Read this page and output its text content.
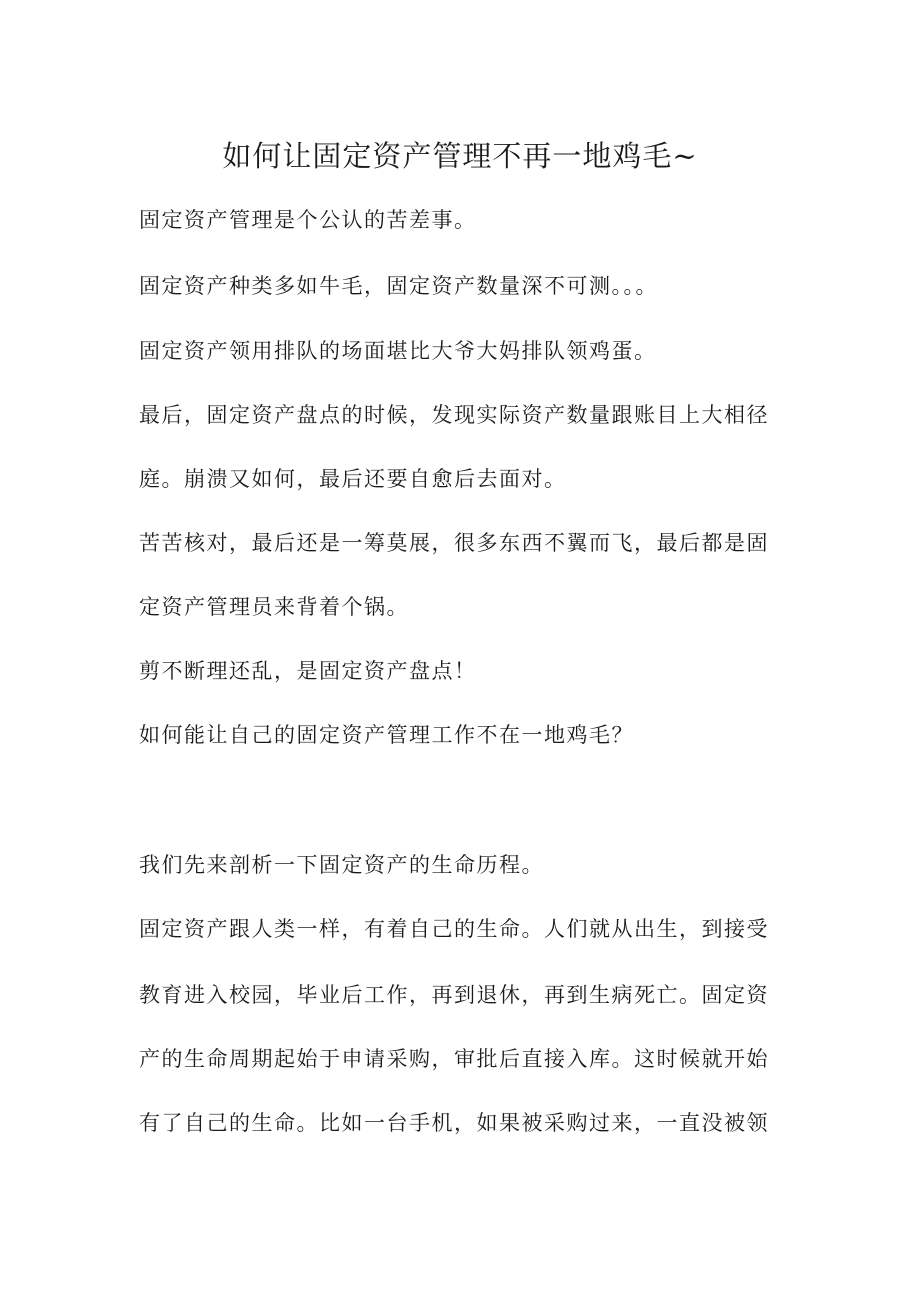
如何让固定资产管理不再一地鸡毛~

固定资产管理是个公认的苦差事。

固定资产种类多如牛毛，固定资产数量深不可测。。。

固定资产领用排队的场面堪比大爷大妈排队领鸡蛋。

最后，固定资产盘点的时候，发现实际资产数量跟账目上大相径

庭。崩溃又如何，最后还要自愈后去面对。

苦苦核对，最后还是一筹莫展，很多东西不翼而飞，最后都是固

定资产管理员来背着个锅。

剪不断理还乱，是固定资产盘点！

如何能让自己的固定资产管理工作不在一地鸡毛？

我们先来剖析一下固定资产的生命历程。

固定资产跟人类一样，有着自己的生命。人们就从出生，到接受

教育进入校园，毕业后工作，再到退休，再到生病死亡。固定资

产的生命周期起始于申请采购，审批后直接入库。这时候就开始

有了自己的生命。比如一台手机，如果被采购过来，一直没被领
